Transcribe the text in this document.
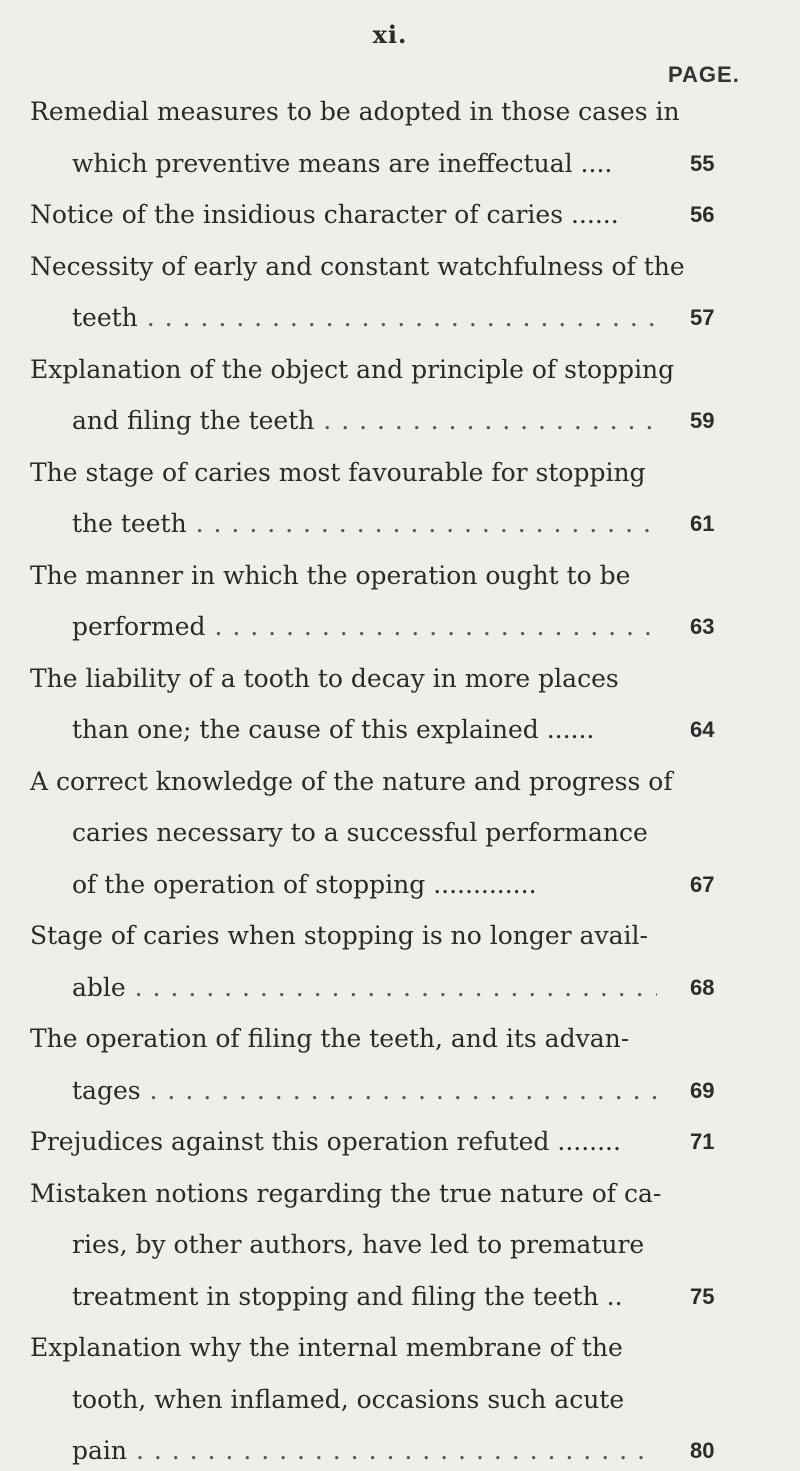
xi.
PAGE.
Remedial measures to be adopted in those cases in
which preventive means are ineffectual ....	55
Notice of the insidious character of caries ......	56
Necessity of early and constant watchfulness of the
teeth . . .	57
Explanation of the object and principle of stopping
and filing the teeth . . .	59
The stage of caries most favourable for stopping
the teeth . . .	61
The manner in which the operation ought to be
performed . . .	63
The liability of a tooth to decay in more places
than one; the cause of this explained ......	64
A correct knowledge of the nature and progress of
caries necessary to a successful performance
of the operation of stopping .............	67
Stage of caries when stopping is no longer avail-
able . . .	68
The operation of filing the teeth, and its advan-
tages . . .	69
Prejudices against this operation refuted ........	71
Mistaken notions regarding the true nature of ca-
ries, by other authors, have led to premature
treatment in stopping and filing the teeth ..	75
Explanation why the internal membrane of the
tooth, when inflamed, occasions such acute
pain . . .	80
